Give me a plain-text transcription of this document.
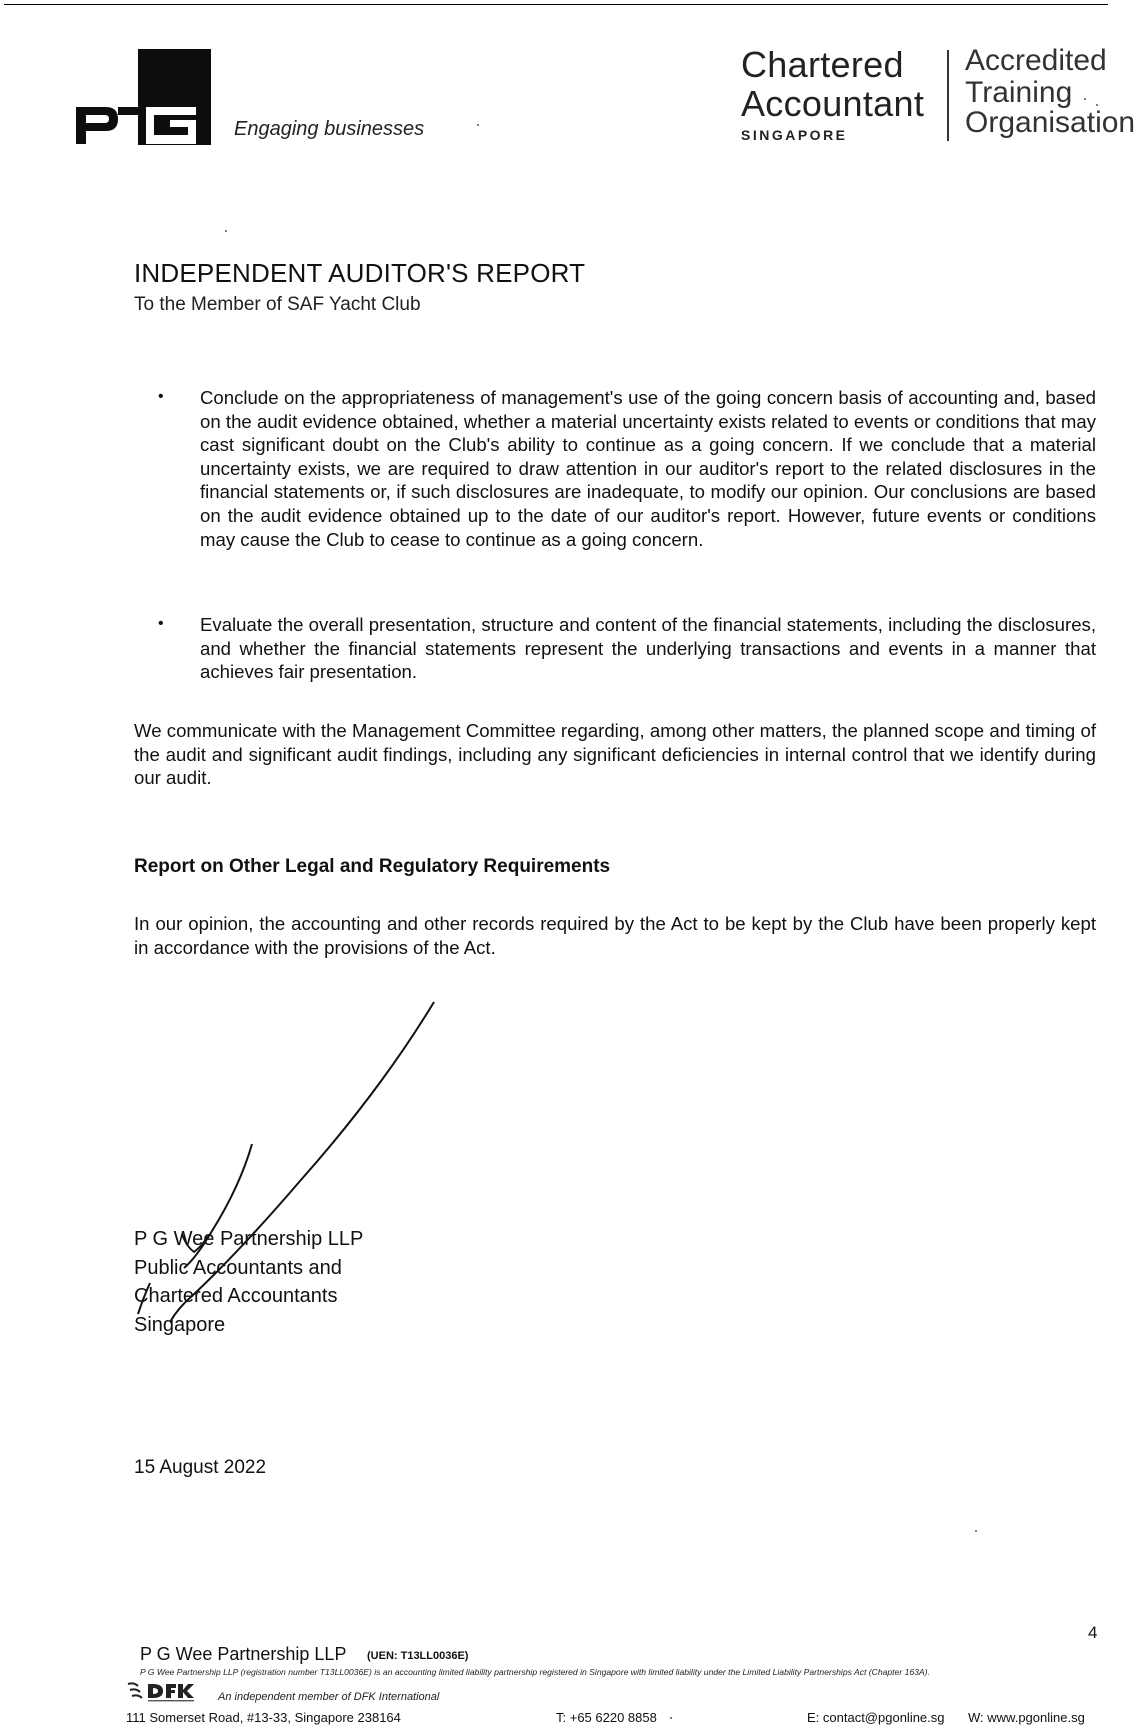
Engaging businesses
Chartered
Accountant
SINGAPORE
Accredited
Training
Organisation
INDEPENDENT AUDITOR'S REPORT
To the Member of SAF Yacht Club
• Conclude on the appropriateness of management's use of the going concern basis of accounting and, based on the audit evidence obtained, whether a material uncertainty exists related to events or conditions that may cast significant doubt on the Club's ability to continue as a going concern. If we conclude that a material uncertainty exists, we are required to draw attention in our auditor's report to the related disclosures in the financial statements or, if such disclosures are inadequate, to modify our opinion. Our conclusions are based on the audit evidence obtained up to the date of our auditor's report. However, future events or conditions may cause the Club to cease to continue as a going concern.
• Evaluate the overall presentation, structure and content of the financial statements, including the disclosures, and whether the financial statements represent the underlying transactions and events in a manner that achieves fair presentation.
We communicate with the Management Committee regarding, among other matters, the planned scope and timing of the audit and significant audit findings, including any significant deficiencies in internal control that we identify during our audit.
Report on Other Legal and Regulatory Requirements
In our opinion, the accounting and other records required by the Act to be kept by the Club have been properly kept in accordance with the provisions of the Act.
P G Wee Partnership LLP
Public Accountants and
Chartered Accountants
Singapore
15 August 2022
4
P G Wee Partnership LLP (UEN: T13LL0036E)
P G Wee Partnership LLP (registration number T13LL0036E) is an accounting limited liability partnership registered in Singapore with limited liability under the Limited Liability Partnerships Act (Chapter 163A).
An independent member of DFK International
111 Somerset Road, #13-33, Singapore 238164	T: +65 6220 8858	E: contact@pgonline.sg W: www.pgonline.sg
